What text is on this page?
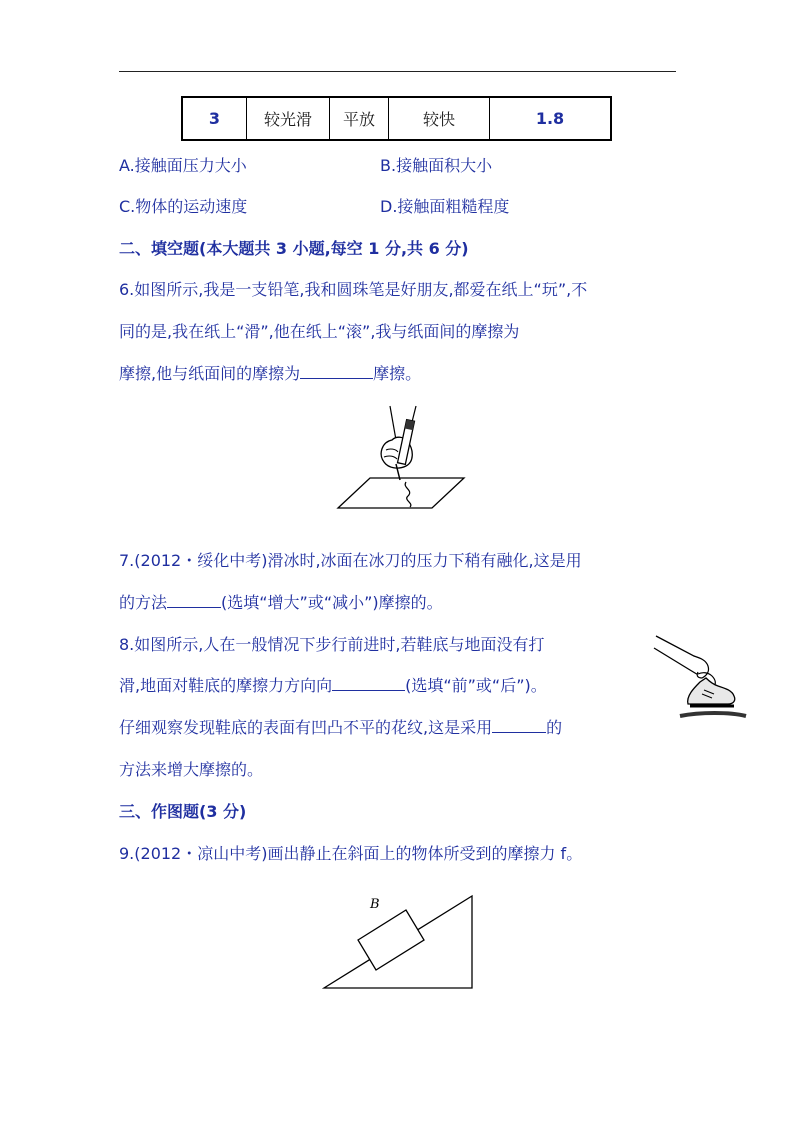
3	较光滑	平放	较快	1.8
A.接触面压力大小	B.接触面积大小
C.物体的运动速度	D.接触面粗糙程度
二、填空题(本大题共 3 小题,每空 1 分,共 6 分)
6.如图所示,我是一支铅笔,我和圆珠笔是好朋友,都爱在纸上“玩”,不
同的是,我在纸上“滑”,他在纸上“滚”,我与纸面间的摩擦为
摩擦,他与纸面间的摩擦为	摩擦。
7.(2012・绥化中考)滑冰时,冰面在冰刀的压力下稍有融化,这是用
的方法	(选填“增大”或“减小”)摩擦的。
8.如图所示,人在一般情况下步行前进时,若鞋底与地面没有打
滑,地面对鞋底的摩擦力方向向	(选填“前”或“后”)。
仔细观察发现鞋底的表面有凹凸不平的花纹,这是采用	的
方法来增大摩擦的。
三、作图题(3 分)
9.(2012・凉山中考)画出静止在斜面上的物体所受到的摩擦力 f。
B
